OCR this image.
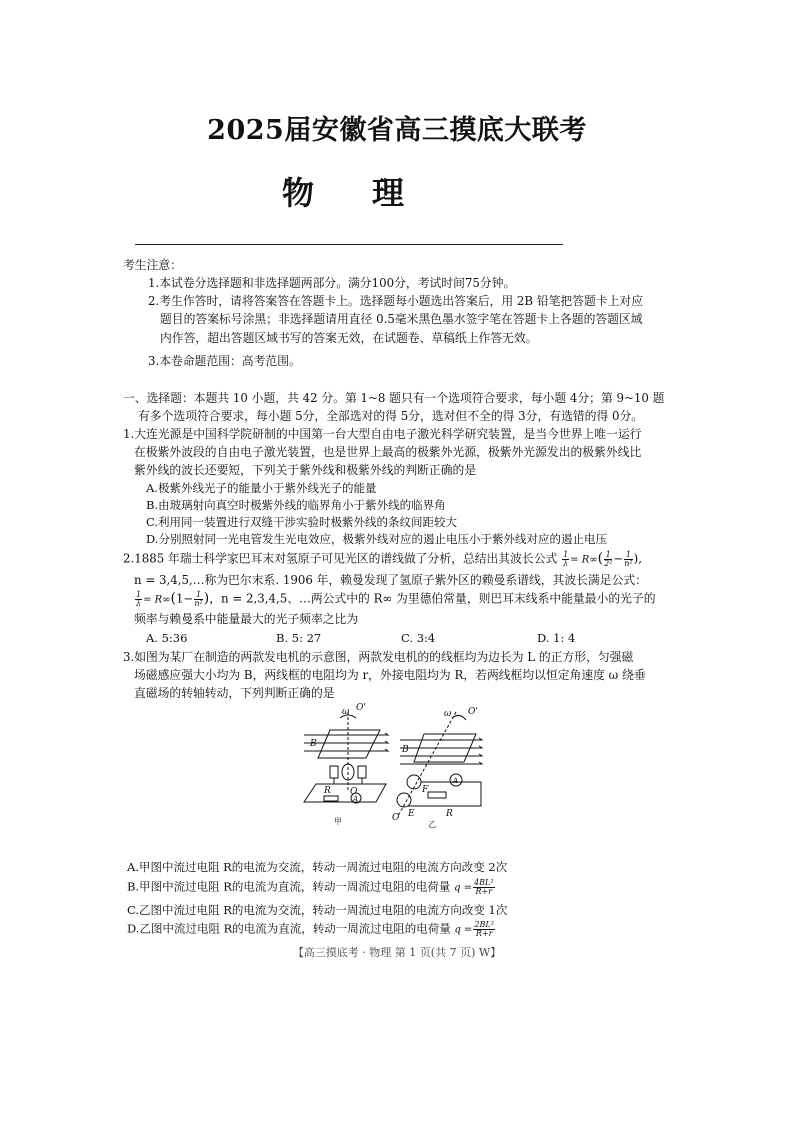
2025届安徽省高三摸底大联考
物理
考生注意：
1.本试卷分选择题和非选择题两部分。满分100分，考试时间75分钟。
2.考生作答时，请将答案答在答题卡上。选择题每小题选出答案后，用 2B 铅笔把答题卡上对应
题目的答案标号涂黑；非选择题请用直径 0.5毫米黑色墨水签字笔在答题卡上各题的答题区域
内作答，超出答题区域书写的答案无效，在试题卷、草稿纸上作答无效。
3.本卷命题范围：高考范围。
一、选择题：本题共 10 小题，共 42 分。第 1~8 题只有一个选项符合要求，每小题 4分；第 9~10 题
有多个选项符合要求，每小题 5分，全部选对的得 5分，选对但不全的得 3分，有选错的得 0分。
1.大连光源是中国科学院研制的中国第一台大型自由电子激光科学研究装置，是当今世界上唯一运行
在极紫外波段的自由电子激光装置，也是世界上最高的极紫外光源，极紫外光源发出的极紫外线比
紫外线的波长还要短，下列关于紫外线和极紫外线的判断正确的是
A.极紫外线光子的能量小于紫外线光子的能量
B.由玻璃射向真空时极紫外线的临界角小于紫外线的临界角
C.利用同一装置进行双缝干涉实验时极紫外线的条纹间距较大
D.分别照射同一光电管发生光电效应，极紫外线对应的遏止电压小于紫外线对应的遏止电压
2.1885 年瑞士科学家巴耳末对氢原子可见光区的谱线做了分析，总结出其波长公式 $\frac{1}{\lambda} = R\infty( \frac{1}{\text{2²}} - \frac{1}{\text{n²}}$ ),
n = 3,4,5,…称为巴尔末系. 1906 年，赖曼发现了氢原子紫外区的赖曼系谱线，其波长满足公式：
$\frac{1}{\lambda} = R\infty(1- \frac{1}{\text{n²}}$ )，n = 2,3,4,5、…两公式中的 R∞ 为里德伯常量，则巴耳末线系中能量最小的光子的
频率与赖曼系中能量最大的光子频率之比为
A. 5:36	B. 5: 27	C. 3:4	D. 1: 4
3.如图为某厂在制造的两款发电机的示意图，两款发电机的的线框均为边长为 L 的正方形，匀强磁
场磁感应强大小均为 B，两线框的电阻均为 r，外接电阻均为 R，若两线框均以恒定角速度 ω 绕垂
直磁场的转轴转动，下列判断正确的是
ω O'
B
O
R
A
甲
ω O'
B
F
E
O	R
A
乙
A.甲图中流过电阻 R的电流为交流，转动一周流过电阻的电流方向改变 2次
B.甲图中流过电阻 R的电流为直流，转动一周流过电阻的电荷量 $q = \frac{\text{4BL²}}{R+r}$
C.乙图中流过电阻 R的电流为交流，转动一周流过电阻的电流方向改变 1次
D.乙图中流过电阻 R的电流为直流，转动一周流过电阻的电荷量 $q = \frac{\text{2BL²}}{R+r}$
【高三摸底考 · 物理 第 1 页(共 7 页) W】
